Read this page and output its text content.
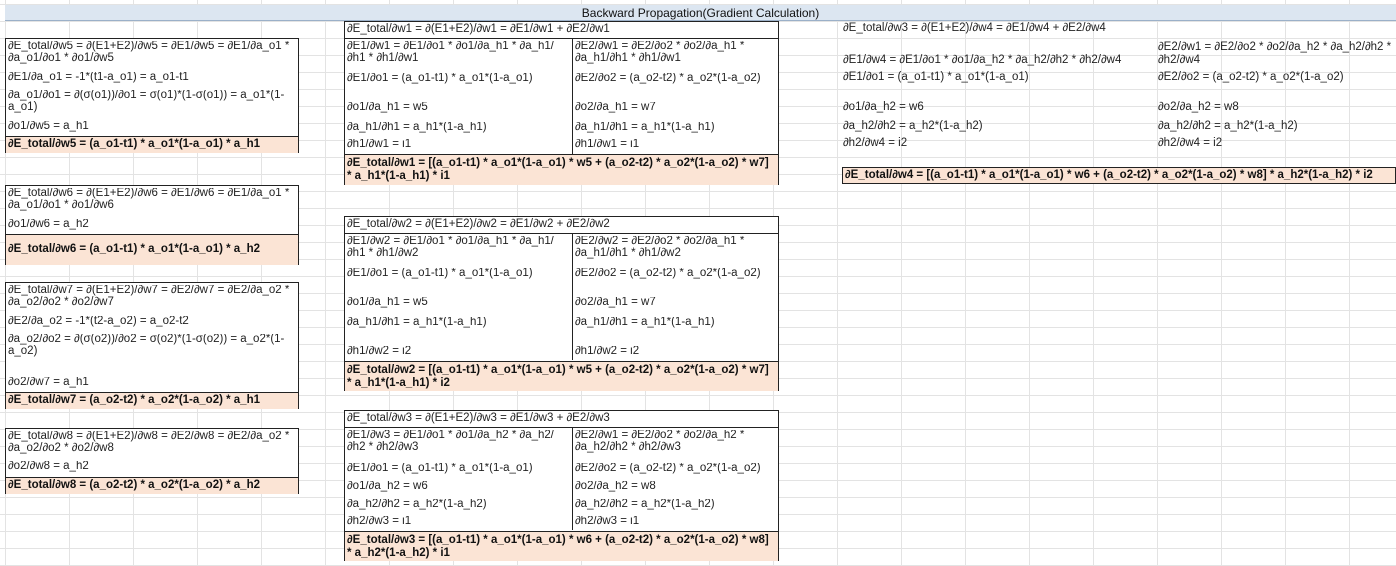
Backward Propagation(Gradient Calculation)
∂E_total/∂w5 = ∂(E1+E2)/∂w5 = ∂E1/∂w5 = ∂E1/∂a_o1 * ∂a_o1/∂o1 * ∂o1/∂w5
∂E1/∂a_o1 = -1*(t1-a_o1) = a_o1-t1
∂a_o1/∂o1 = ∂(σ(o1))/∂o1 = σ(o1)*(1-σ(o1)) = a_o1*(1-a_o1)
∂o1/∂w5 = a_h1
∂E_total/∂w5 = (a_o1-t1) * a_o1*(1-a_o1) * a_h1
∂E_total/∂w6 = ∂(E1+E2)/∂w6 = ∂E1/∂w6 = ∂E1/∂a_o1 * ∂a_o1/∂o1 * ∂o1/∂w6
∂o1/∂w6 = a_h2
∂E_total/∂w6 = (a_o1-t1) * a_o1*(1-a_o1) * a_h2
∂E_total/∂w7 = ∂(E1+E2)/∂w7 = ∂E2/∂w7 = ∂E2/∂a_o2 * ∂a_o2/∂o2 * ∂o2/∂w7
∂E2/∂a_o2 = -1*(t2-a_o2) = a_o2-t2
∂a_o2/∂o2 = ∂(σ(o2))/∂o2 = σ(o2)*(1-σ(o2)) = a_o2*(1-a_o2)
∂o2/∂w7 = a_h1
∂E_total/∂w7 = (a_o2-t2) * a_o2*(1-a_o2) * a_h1
∂E_total/∂w8 = ∂(E1+E2)/∂w8 = ∂E2/∂w8 = ∂E2/∂a_o2 * ∂a_o2/∂o2 * ∂o2/∂w8
∂o2/∂w8 = a_h2
∂E_total/∂w8 = (a_o2-t2) * a_o2*(1-a_o2) * a_h2
∂E_total/∂w1 = ∂(E1+E2)/∂w1 = ∂E1/∂w1 + ∂E2/∂w1
∂E1/∂w1 = ∂E1/∂o1 * ∂o1/∂a_h1 * ∂a_h1/∂h1 * ∂h1/∂w1
∂E1/∂o1 = (a_o1-t1) * a_o1*(1-a_o1)
∂o1/∂a_h1 = w5
∂a_h1/∂h1 = a_h1*(1-a_h1)
∂h1/∂w1 = i1
∂E2/∂w1 = ∂E2/∂o2 * ∂o2/∂a_h1 * ∂a_h1/∂h1 * ∂h1/∂w1
∂E2/∂o2 = (a_o2-t2) * a_o2*(1-a_o2)
∂o2/∂a_h1 = w7
∂a_h1/∂h1 = a_h1*(1-a_h1)
∂h1/∂w1 = i1
∂E_total/∂w1 = [(a_o1-t1) * a_o1*(1-a_o1) * w5 + (a_o2-t2) * a_o2*(1-a_o2) * w7] * a_h1*(1-a_h1) * i1
∂E_total/∂w2 = ∂(E1+E2)/∂w2 = ∂E1/∂w2 + ∂E2/∂w2
∂E1/∂w2 = ∂E1/∂o1 * ∂o1/∂a_h1 * ∂a_h1/∂h1 * ∂h1/∂w2
∂E1/∂o1 = (a_o1-t1) * a_o1*(1-a_o1)
∂o1/∂a_h1 = w5
∂a_h1/∂h1 = a_h1*(1-a_h1)
∂h1/∂w2 = i2
∂E2/∂w2 = ∂E2/∂o2 * ∂o2/∂a_h1 * ∂a_h1/∂h1 * ∂h1/∂w2
∂E2/∂o2 = (a_o2-t2) * a_o2*(1-a_o2)
∂o2/∂a_h1 = w7
∂a_h1/∂h1 = a_h1*(1-a_h1)
∂h1/∂w2 = i2
∂E_total/∂w2 = [(a_o1-t1) * a_o1*(1-a_o1) * w5 + (a_o2-t2) * a_o2*(1-a_o2) * w7] * a_h1*(1-a_h1) * i2
∂E_total/∂w3 = ∂(E1+E2)/∂w3 = ∂E1/∂w3 + ∂E2/∂w3
∂E1/∂w3 = ∂E1/∂o1 * ∂o1/∂a_h2 * ∂a_h2/∂h2 * ∂h2/∂w3
∂E1/∂o1 = (a_o1-t1) * a_o1*(1-a_o1)
∂o1/∂a_h2 = w6
∂a_h2/∂h2 = a_h2*(1-a_h2)
∂h2/∂w3 = i1
∂E2/∂w1 = ∂E2/∂o2 * ∂o2/∂a_h2 * ∂a_h2/∂h2 * ∂h2/∂w3
∂E2/∂o2 = (a_o2-t2) * a_o2*(1-a_o2)
∂o2/∂a_h2 = w8
∂a_h2/∂h2 = a_h2*(1-a_h2)
∂h2/∂w3 = i1
∂E_total/∂w3 = [(a_o1-t1) * a_o1*(1-a_o1) * w6 + (a_o2-t2) * a_o2*(1-a_o2) * w8] * a_h2*(1-a_h2) * i1
∂E_total/∂w3 = ∂(E1+E2)/∂w4 = ∂E1/∂w4 + ∂E2/∂w4
∂E1/∂w4 = ∂E1/∂o1 * ∂o1/∂a_h2 * ∂a_h2/∂h2 * ∂h2/∂w4
∂E1/∂o1 = (a_o1-t1) * a_o1*(1-a_o1)
∂o1/∂a_h2 = w6
∂a_h2/∂h2 = a_h2*(1-a_h2)
∂h2/∂w4 = i2
∂E2/∂w1 = ∂E2/∂o2 * ∂o2/∂a_h2 * ∂a_h2/∂h2 * ∂h2/∂w4
∂E2/∂o2 = (a_o2-t2) * a_o2*(1-a_o2)
∂o2/∂a_h2 = w8
∂a_h2/∂h2 = a_h2*(1-a_h2)
∂h2/∂w4 = i2
∂E_total/∂w4 = [(a_o1-t1) * a_o1*(1-a_o1) * w6 + (a_o2-t2) * a_o2*(1-a_o2) * w8] * a_h2*(1-a_h2) * i2
